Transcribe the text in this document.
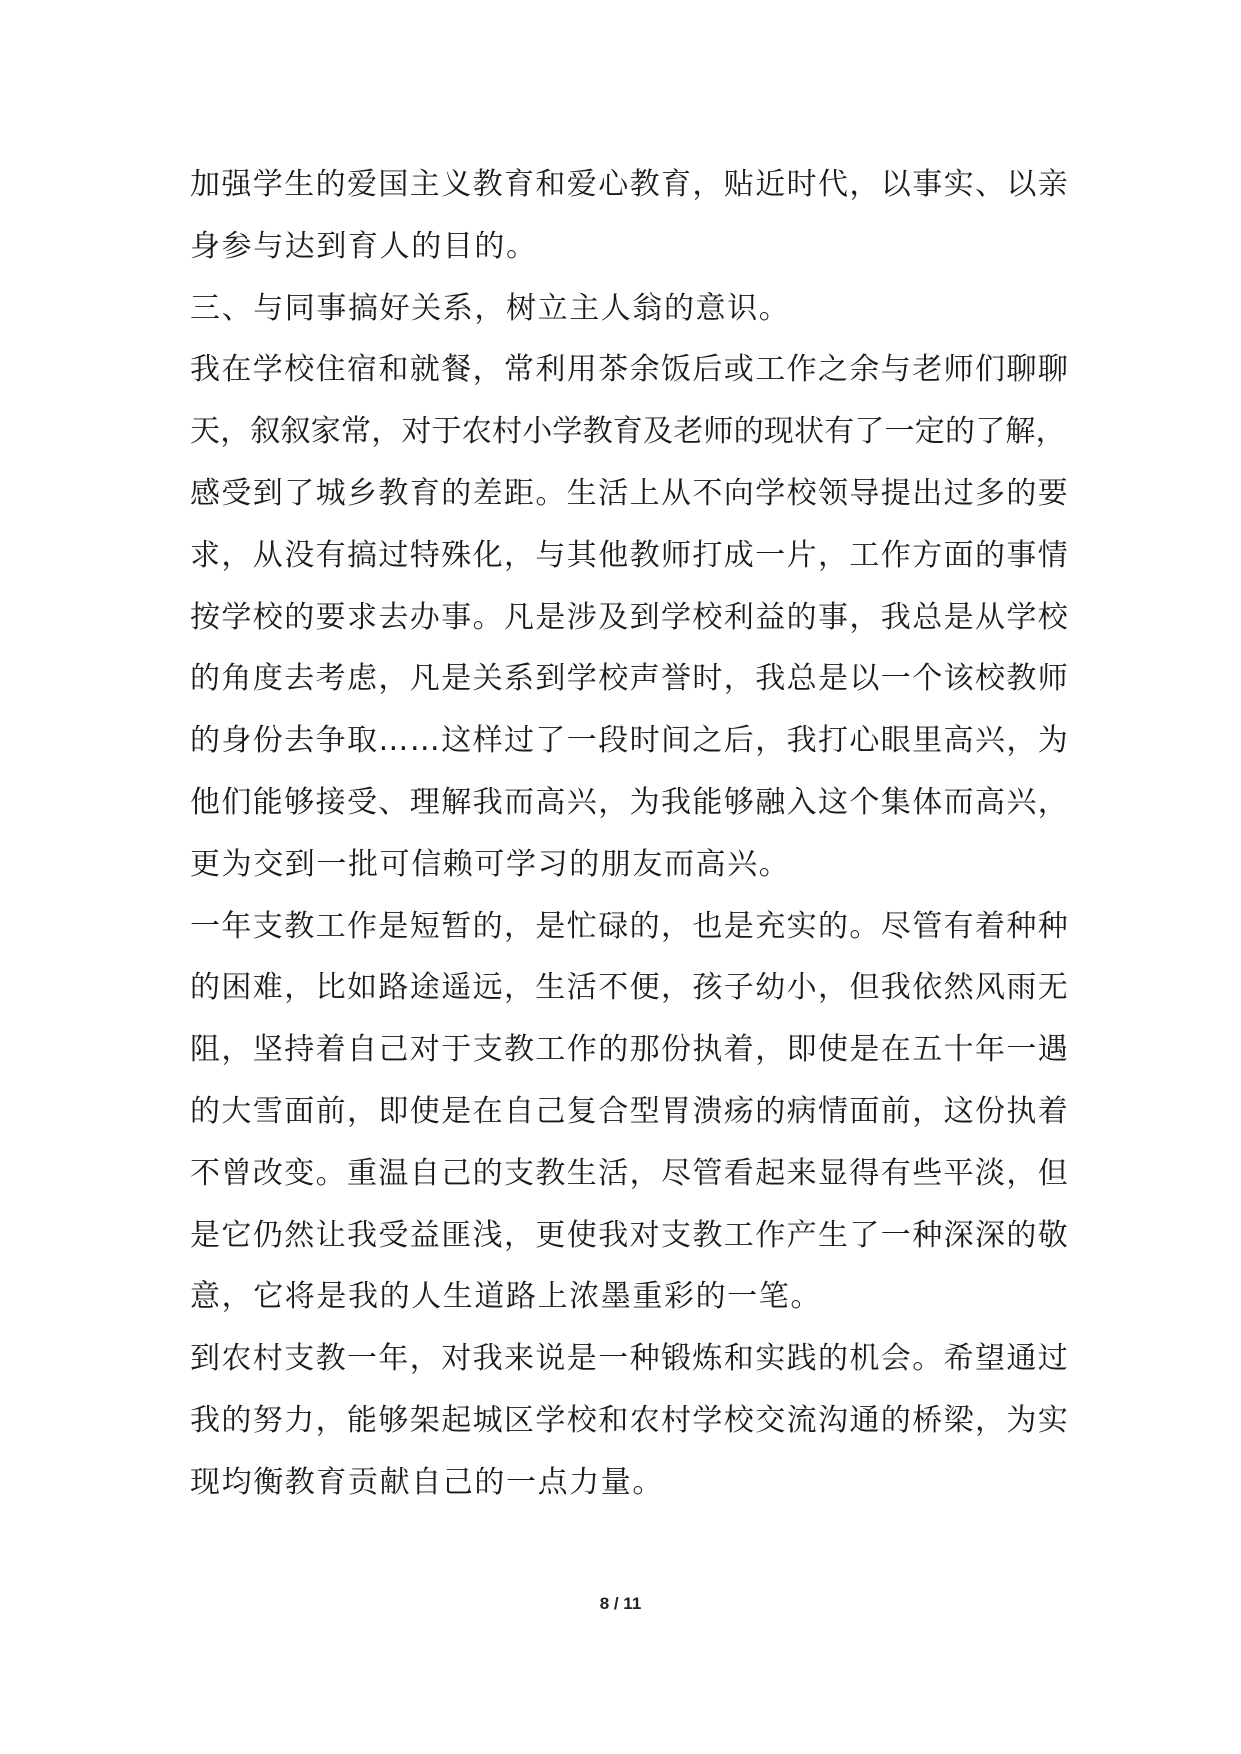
加强学生的爱国主义教育和爱心教育，贴近时代，以事实、以亲
身参与达到育人的目的。
三、与同事搞好关系，树立主人翁的意识。
我在学校住宿和就餐，常利用茶余饭后或工作之余与老师们聊聊
天，叙叙家常，对于农村小学教育及老师的现状有了一定的了解，
感受到了城乡教育的差距。生活上从不向学校领导提出过多的要
求，从没有搞过特殊化，与其他教师打成一片，工作方面的事情
按学校的要求去办事。凡是涉及到学校利益的事，我总是从学校
的角度去考虑，凡是关系到学校声誉时，我总是以一个该校教师
的身份去争取……这样过了一段时间之后，我打心眼里高兴，为
他们能够接受、理解我而高兴，为我能够融入这个集体而高兴，
更为交到一批可信赖可学习的朋友而高兴。
一年支教工作是短暂的，是忙碌的，也是充实的。尽管有着种种
的困难，比如路途遥远，生活不便，孩子幼小，但我依然风雨无
阻，坚持着自己对于支教工作的那份执着，即使是在五十年一遇
的大雪面前，即使是在自己复合型胃溃疡的病情面前，这份执着
不曾改变。重温自己的支教生活，尽管看起来显得有些平淡，但
是它仍然让我受益匪浅，更使我对支教工作产生了一种深深的敬
意，它将是我的人生道路上浓墨重彩的一笔。
到农村支教一年，对我来说是一种锻炼和实践的机会。希望通过
我的努力，能够架起城区学校和农村学校交流沟通的桥梁，为实
现均衡教育贡献自己的一点力量。
8 / 11
